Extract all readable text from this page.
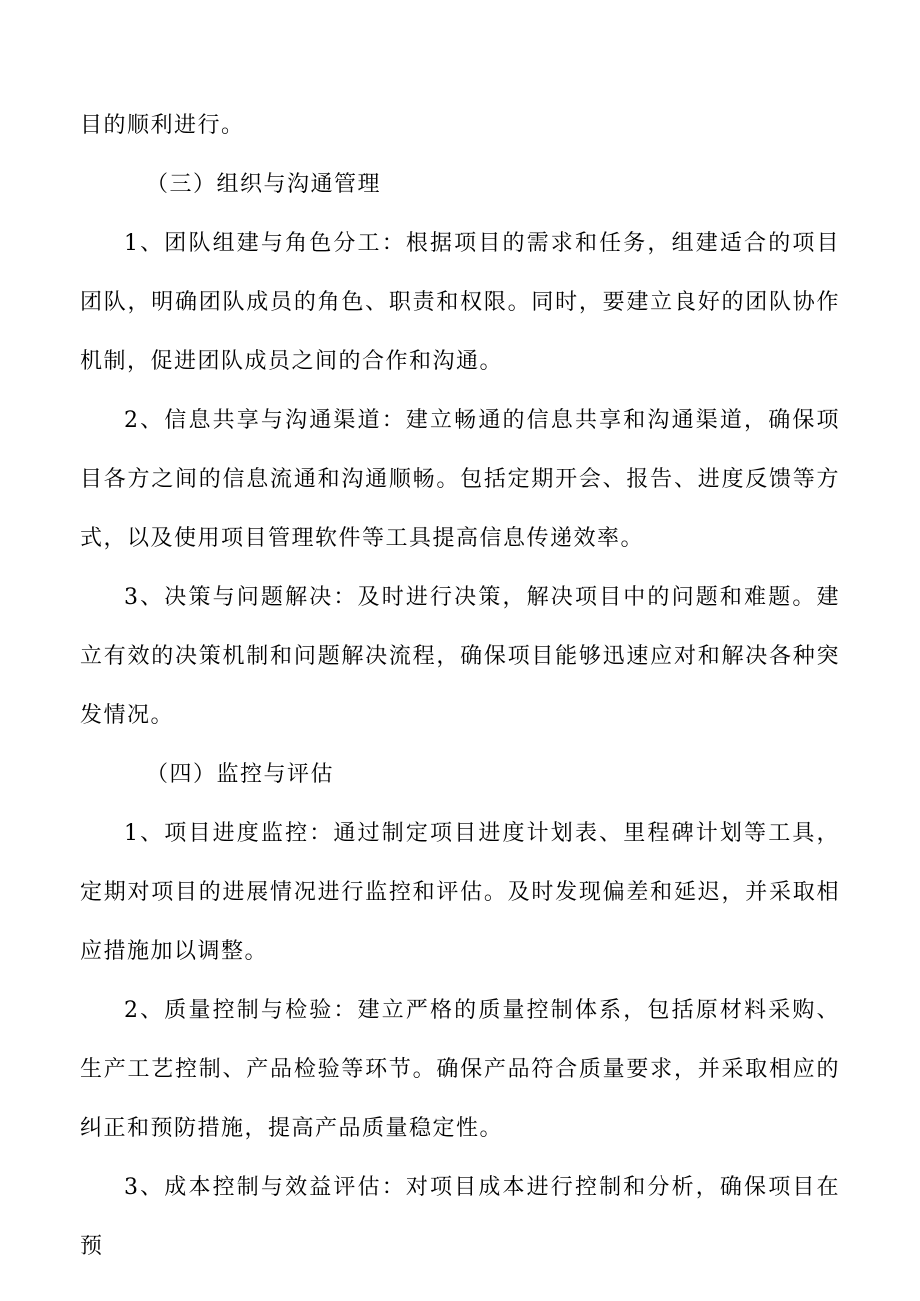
目的顺利进行。

（三）组织与沟通管理

1、团队组建与角色分工：根据项目的需求和任务，组建适合的项目团队，明确团队成员的角色、职责和权限。同时，要建立良好的团队协作机制，促进团队成员之间的合作和沟通。

2、信息共享与沟通渠道：建立畅通的信息共享和沟通渠道，确保项目各方之间的信息流通和沟通顺畅。包括定期开会、报告、进度反馈等方式，以及使用项目管理软件等工具提高信息传递效率。

3、决策与问题解决：及时进行决策，解决项目中的问题和难题。建立有效的决策机制和问题解决流程，确保项目能够迅速应对和解决各种突发情况。

（四）监控与评估

1、项目进度监控：通过制定项目进度计划表、里程碑计划等工具，定期对项目的进展情况进行监控和评估。及时发现偏差和延迟，并采取相应措施加以调整。

2、质量控制与检验：建立严格的质量控制体系，包括原材料采购、生产工艺控制、产品检验等环节。确保产品符合质量要求，并采取相应的纠正和预防措施，提高产品质量稳定性。

3、成本控制与效益评估：对项目成本进行控制和分析，确保项目在预
